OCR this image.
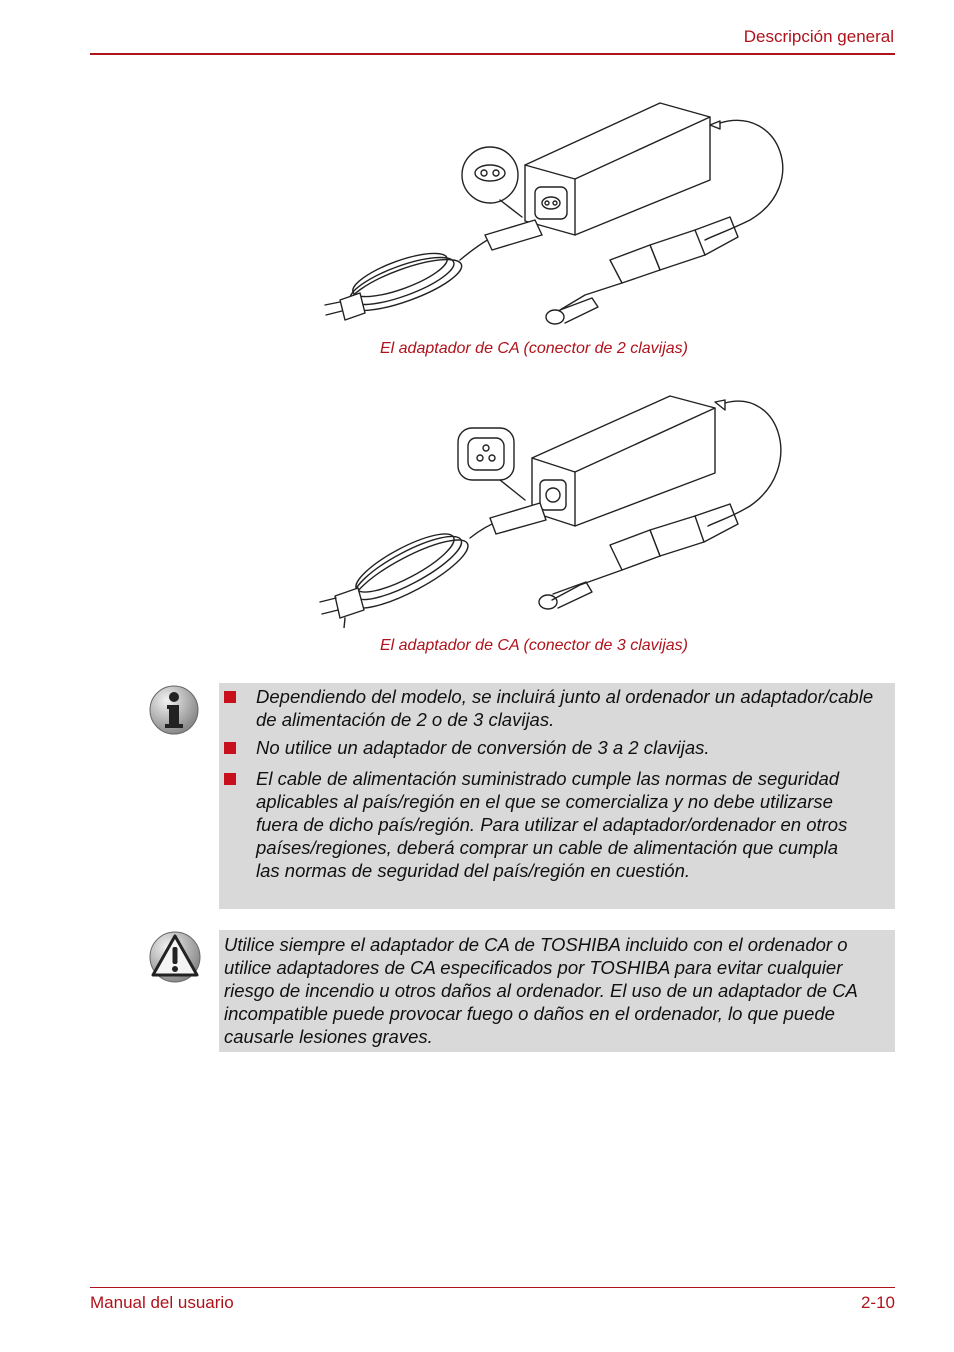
Descripción general
El adaptador de CA (conector de 2 clavijas)
El adaptador de CA (conector de 3 clavijas)
Dependiendo del modelo, se incluirá junto al ordenador un adaptador/cable de alimentación de 2 o de 3 clavijas.
No utilice un adaptador de conversión de 3 a 2 clavijas.
El cable de alimentación suministrado cumple las normas de seguridad aplicables al país/región en el que se comercializa y no debe utilizarse fuera de dicho país/región. Para utilizar el adaptador/ordenador en otros países/regiones, deberá comprar un cable de alimentación que cumpla las normas de seguridad del país/región en cuestión.
Utilice siempre el adaptador de CA de TOSHIBA incluido con el ordenador o utilice adaptadores de CA especificados por TOSHIBA para evitar cualquier riesgo de incendio u otros daños al ordenador. El uso de un adaptador de CA incompatible puede provocar fuego o daños en el ordenador, lo que puede causarle lesiones graves.
Manual del usuario	2-10
